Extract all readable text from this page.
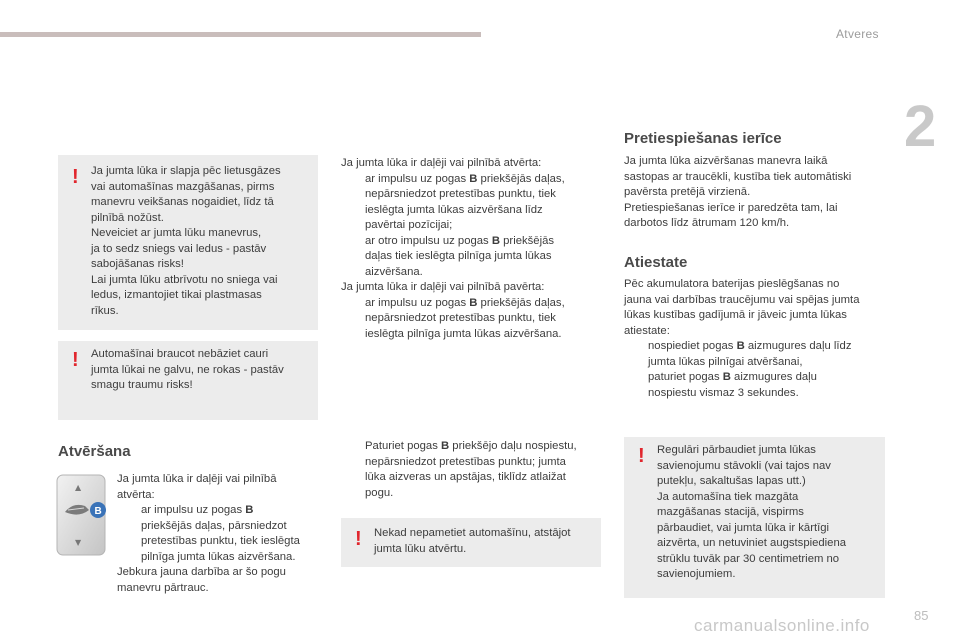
Atveres
2
! Ja jumta lūka ir slapja pēc lietusgāzes

vai automašīnas mazgāšanas, pirms

manevru veikšanas nogaidiet, līdz tā

pilnībā nožūst.

Neveiciet ar jumta lūku manevrus,

ja to sedz sniegs vai ledus - pastāv

sabojāšanas risks!

Lai jumta lūku atbrīvotu no sniega vai

ledus, izmantojiet tikai plastmasas

rīkus.

! Automašīnai braucot nebāziet cauri

jumta lūkai ne galvu, ne rokas - pastāv

smagu traumu risks!

Atvēršana
▲
▼
B

Ja jumta lūka ir daļēji vai pilnībā

atvērta:

ar impulsu uz pogas B

priekšējās daļas, pārsniedzot

pretestības punktu, tiek ieslēgta

pilnīga jumta lūkas aizvēršana.

Jebkura jauna darbība ar šo pogu

manevru pārtrauc.

Ja jumta lūka ir daļēji vai pilnībā atvērta:

ar impulsu uz pogas B priekšējās daļas,

nepārsniedzot pretestības punktu, tiek

ieslēgta jumta lūkas aizvēršana līdz

pavērtai pozīcijai;

ar otro impulsu uz pogas B priekšējās

daļas tiek ieslēgta pilnīga jumta lūkas

aizvēršana.

Ja jumta lūka ir daļēji vai pilnībā pavērta:

ar impulsu uz pogas B priekšējās daļas,

nepārsniedzot pretestības punktu, tiek

ieslēgta pilnīga jumta lūkas aizvēršana.

Paturiet pogas B priekšējo daļu nospiestu,

nepārsniedzot pretestības punktu; jumta

lūka aizveras un apstājas, tiklīdz atlaižat

pogu.

! Nekad nepametiet automašīnu, atstājot

jumta lūku atvērtu.

Pretiespiešanas ierīce

Ja jumta lūka aizvēršanas manevra laikā

sastopas ar traucēkli, kustība tiek automātiski

pavērsta pretējā virzienā.

Pretiespiešanas ierīce ir paredzēta tam, lai

darbotos līdz ātrumam 120 km/h.

Atiestate

Pēc akumulatora baterijas pieslēgšanas no

jauna vai darbības traucējumu vai spējas jumta

lūkas kustības gadījumā ir jāveic jumta lūkas

atiestate:

nospiediet pogas B aizmugures daļu līdz

jumta lūkas pilnīgai atvēršanai,

paturiet pogas B aizmugures daļu

nospiestu vismaz 3 sekundes.

! Regulāri pārbaudiet jumta lūkas

savienojumu stāvokli (vai tajos nav

putekļu, sakaltušas lapas utt.)

Ja automašīna tiek mazgāta

mazgāšanas stacijā, vispirms

pārbaudiet, vai jumta lūka ir kārtīgi

aizvērta, un netuviniet augstspiediena

strūklu tuvāk par 30 centimetriem no

savienojumiem.

85
carmanualsonline.info
